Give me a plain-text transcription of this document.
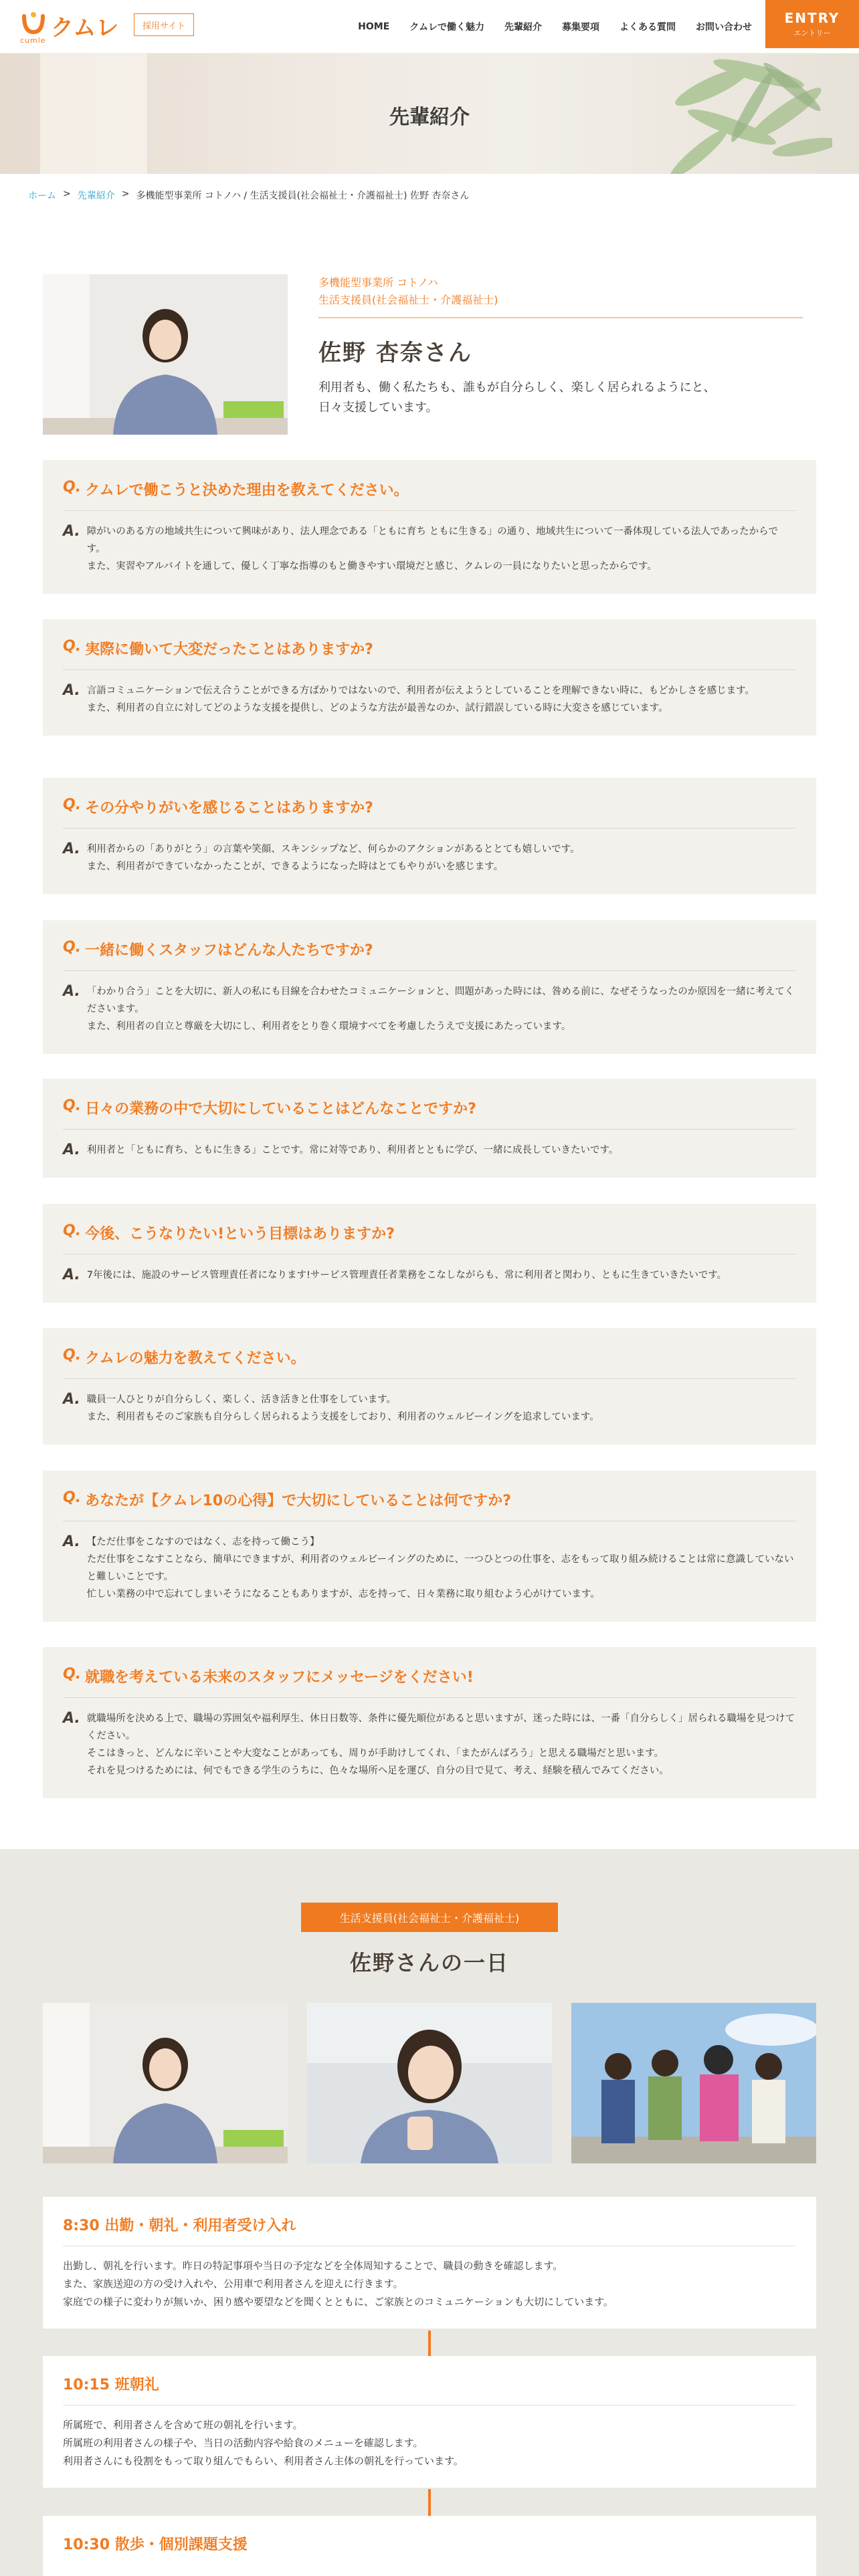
クムレ
cumle
採用サイト	HOME クムレで働く魅力 先輩紹介 募集要項 よくある質問 お問い合わせ
ENTRY
エントリー
先輩紹介
ホーム > 先輩紹介 > 多機能型事業所 コトノハ / 生活支援員(社会福祉士・介護福祉士) 佐野 杏奈さん
多機能型事業所 コトノハ
生活支援員(社会福祉士・介護福祉士)
佐野 杏奈さん
利用者も、働く私たちも、誰もが自分らしく、楽しく居られるようにと、
日々支援しています。
Q. クムレで働こうと決めた理由を教えてください。
A. 障がいのある方の地域共生について興味があり、法人理念である「ともに育ち ともに生きる」の通り、地域共生について一番体現している法人であったからです。

また、実習やアルバイトを通して、優しく丁寧な指導のもと働きやすい環境だと感じ、クムレの一員になりたいと思ったからです。

Q. 実際に働いて大変だったことはありますか?
A. 言語コミュニケーションで伝え合うことができる方ばかりではないので、利用者が伝えようとしていることを理解できない時に、もどかしさを感じます。

また、利用者の自立に対してどのような支援を提供し、どのような方法が最善なのか、試行錯誤している時に大変さを感じています。

Q. その分やりがいを感じることはありますか?
A. 利用者からの「ありがとう」の言葉や笑顔、スキンシップなど、何らかのアクションがあるととても嬉しいです。

また、利用者ができていなかったことが、できるようになった時はとてもやりがいを感じます。

Q. 一緒に働くスタッフはどんな人たちですか?
A. 「わかり合う」ことを大切に、新人の私にも目線を合わせたコミュニケーションと、問題があった時には、咎める前に、なぜそうなったのか原因を一緒に考えてくださいます。

また、利用者の自立と尊厳を大切にし、利用者をとり巻く環境すべてを考慮したうえで支援にあたっています。

Q. 日々の業務の中で大切にしていることはどんなことですか?
A. 利用者と「ともに育ち、ともに生きる」ことです。常に対等であり、利用者とともに学び、一緒に成長していきたいです。

Q. 今後、こうなりたい!という目標はありますか?
A. 7年後には、施設のサービス管理責任者になります!サービス管理責任者業務をこなしながらも、常に利用者と関わり、ともに生きていきたいです。

Q. クムレの魅力を教えてください。
A. 職員一人ひとりが自分らしく、楽しく、活き活きと仕事をしています。

また、利用者もそのご家族も自分らしく居られるよう支援をしており、利用者のウェルビーイングを追求しています。

Q. あなたが【クムレ10の心得】で大切にしていることは何ですか?
A. 【ただ仕事をこなすのではなく、志を持って働こう】

ただ仕事をこなすことなら、簡単にできますが、利用者のウェルビーイングのために、一つひとつの仕事を、志をもって取り組み続けることは常に意識していないと難しいことです。

忙しい業務の中で忘れてしまいそうになることもありますが、志を持って、日々業務に取り組むよう心がけています。

Q. 就職を考えている未来のスタッフにメッセージをください!
A. 就職場所を決める上で、職場の雰囲気や福利厚生、休日日数等、条件に優先順位があると思いますが、迷った時には、一番「自分らしく」居られる職場を見つけてください。

そこはきっと、どんなに辛いことや大変なことがあっても、周りが手助けしてくれ、「またがんばろう」と思える職場だと思います。

それを見つけるためには、何でもできる学生のうちに、色々な場所へ足を運び、自分の目で見て、考え、経験を積んでみてください。

生活支援員(社会福祉士・介護福祉士)
佐野さんの一日
8:30 出勤・朝礼・利用者受け入れ

出勤し、朝礼を行います。昨日の特記事項や当日の予定などを全体周知することで、職員の動きを確認します。

また、家族送迎の方の受け入れや、公用車で利用者さんを迎えに行きます。

家庭での様子に変わりが無いか、困り感や要望などを聞くとともに、ご家族とのコミュニケーションも大切にしています。

10:15 班朝礼

所属班で、利用者さんを含めて班の朝礼を行います。

所属班の利用者さんの様子や、当日の活動内容や給食のメニューを確認します。

利用者さんにも役割をもって取り組んでもらい、利用者さん主体の朝礼を行っています。

10:30 散歩・個別課題支援
